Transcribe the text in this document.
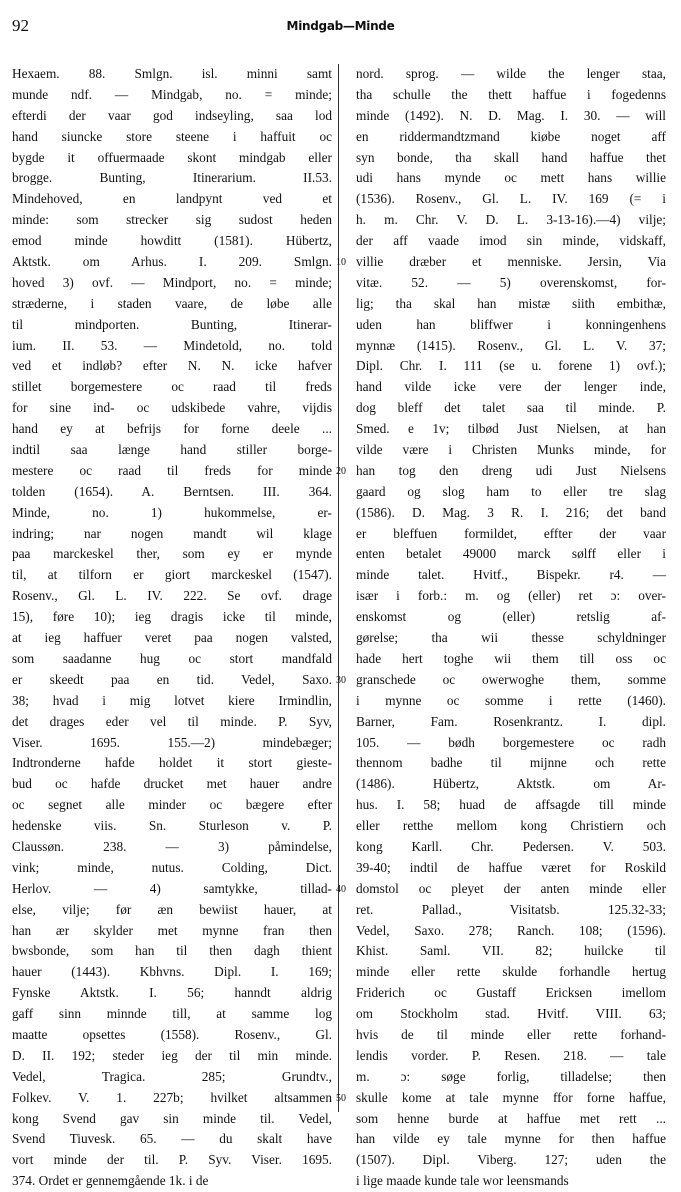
92	Mindgab—Minde
Hexaem. 88. Smlgn. isl. minni samt
munde ndf. — Mindgab, no. = minde;
efterdi der vaar god indseyling, saa lod
hand siuncke store steene i haffuit oc
bygde it offuermaade skont mindgab eller
brogge. Bunting, Itinerarium. II.53.
Mindehoved, en landpynt ved et
minde: som strecker sig sudost heden
emod minde howditt (1581). Hübertz,
Aktstk. om Arhus. I. 209. Smlgn.
hoved 3) ovf. — Mindport, no. = minde;
stræderne, i staden vaare, de løbe alle
til mindporten. Bunting, Itinerar-
ium. II. 53. — Mindetold, no. told
ved et indløb? efter N. N. icke hafver
stillet borgemestere oc raad til freds
for sine ind- oc udskibede vahre, vijdis
hand ey at befrijs for forne deele ...
indtil saa længe hand stiller borge-
mestere oc raad til freds for minde
tolden (1654). A. Berntsen. III. 364.
Minde, no. 1) hukommelse, er-
indring; nar nogen mandt wil klage
paa marckeskel ther, som ey er mynde
til, at tilforn er giort marckeskel (1547).
Rosenv., Gl. L. IV. 222. Se ovf. drage
15), føre 10); ieg dragis icke til minde,
at ieg haffuer veret paa nogen valsted,
som saadanne hug oc stort mandfald
er skeedt paa en tid. Vedel, Saxo.
38; hvad i mig lotvet kiere Irmindlin,
det drages eder vel til minde. P. Syv,
Viser. 1695. 155.—2) mindebæger;
Indtronderne hafde holdet it stort gieste-
bud oc hafde drucket met hauer andre
oc segnet alle minder oc bægere efter
hedenske viis. Sn. Sturleson v. P.
Claussøn. 238. — 3) påmindelse,
vink; minde, nutus. Colding, Dict.
Herlov. — 4) samtykke, tillad-
else, vilje; før æn bewiist hauer, at
han ær skylder met mynne fran then
bwsbonde, som han til then dagh thient
hauer (1443). Kbhvns. Dipl. I. 169;
Fynske Aktstk. I. 56; hanndt aldrig
gaff sinn minnde till, at samme log
maatte opsettes (1558). Rosenv., Gl.
D. II. 192; steder ieg der til min minde.
Vedel, Tragica. 285; Grundtv.,
Folkev. V. 1. 227b; hvilket altsammen
kong Svend gav sin minde til. Vedel,
Svend Tiuvesk. 65. — du skalt have
vort minde der til. P. Syv. Viser. 1695.
374. Ordet er gennemgående 1k. i de
10
20
30
40
50
nord. sprog. — wilde the lenger staa,
tha schulle the thett haffue i fogedenns
minde (1492). N. D. Mag. I. 30. — will
en riddermandtzmand kiøbe noget aff
syn bonde, tha skall hand haffue thet
udi hans mynde oc mett hans willie
(1536). Rosenv., Gl. L. IV. 169 (= i
h. m. Chr. V. D. L. 3-13-16).—4) vilje;
der aff vaade imod sin minde, vidskaff,
villie dræber et menniske. Jersin, Via
vitæ. 52. — 5) overenskomst, for-
lig; tha skal han mistæ siith embithæ,
uden han bliffwer i konningenhens
mynnæ (1415). Rosenv., Gl. L. V. 37;
Dipl. Chr. I. 111 (se u. forene 1) ovf.);
hand vilde icke vere der lenger inde,
dog bleff det talet saa til minde. P.
Smed. e 1v; tilbød Just Nielsen, at han
vilde være i Christen Munks minde, for
han tog den dreng udi Just Nielsens
gaard og slog ham to eller tre slag
(1586). D. Mag. 3 R. I. 216; det band
er bleffuen formildet, effter der vaar
enten betalet 49000 marck sølff eller i
minde talet. Hvitf., Bispekr. r4. —
især i forb.: m. og (eller) ret ɔ: over-
enskomst og (eller) retslig af-
gørelse; tha wii thesse schyldninger
hade hert toghe wii them till oss oc
granschede oc owerwoghe them, somme
i mynne oc somme i rette (1460).
Barner, Fam. Rosenkrantz. I. dipl.
105. — bødh borgemestere oc radh
thennom badhe til mijnne och rette
(1486). Hübertz, Aktstk. om Ar-
hus. I. 58; huad de affsagde till minde
eller retthe mellom kong Christiern och
kong Karll. Chr. Pedersen. V. 503.
39-40; indtil de haffue været for Roskild
domstol oc pleyet der anten minde eller
ret. Pallad., Visitatsb. 125.32-33;
Vedel, Saxo. 278; Ranch. 108; (1596).
Khist. Saml. VII. 82; huilcke til
minde eller rette skulde forhandle hertug
Friderich oc Gustaff Ericksen imellom
om Stockholm stad. Hvitf. VIII. 63;
hvis de til minde eller rette forhand-
lendis vorder. P. Resen. 218. — tale
m. ɔ: søge forlig, tilladelse; then
skulle kome at tale mynne ffor forne haffue,
som henne burde at haffue met rett ...
han vilde ey tale mynne for then haffue
(1507). Dipl. Viberg. 127; uden the
i lige maade kunde tale wor leensmands
